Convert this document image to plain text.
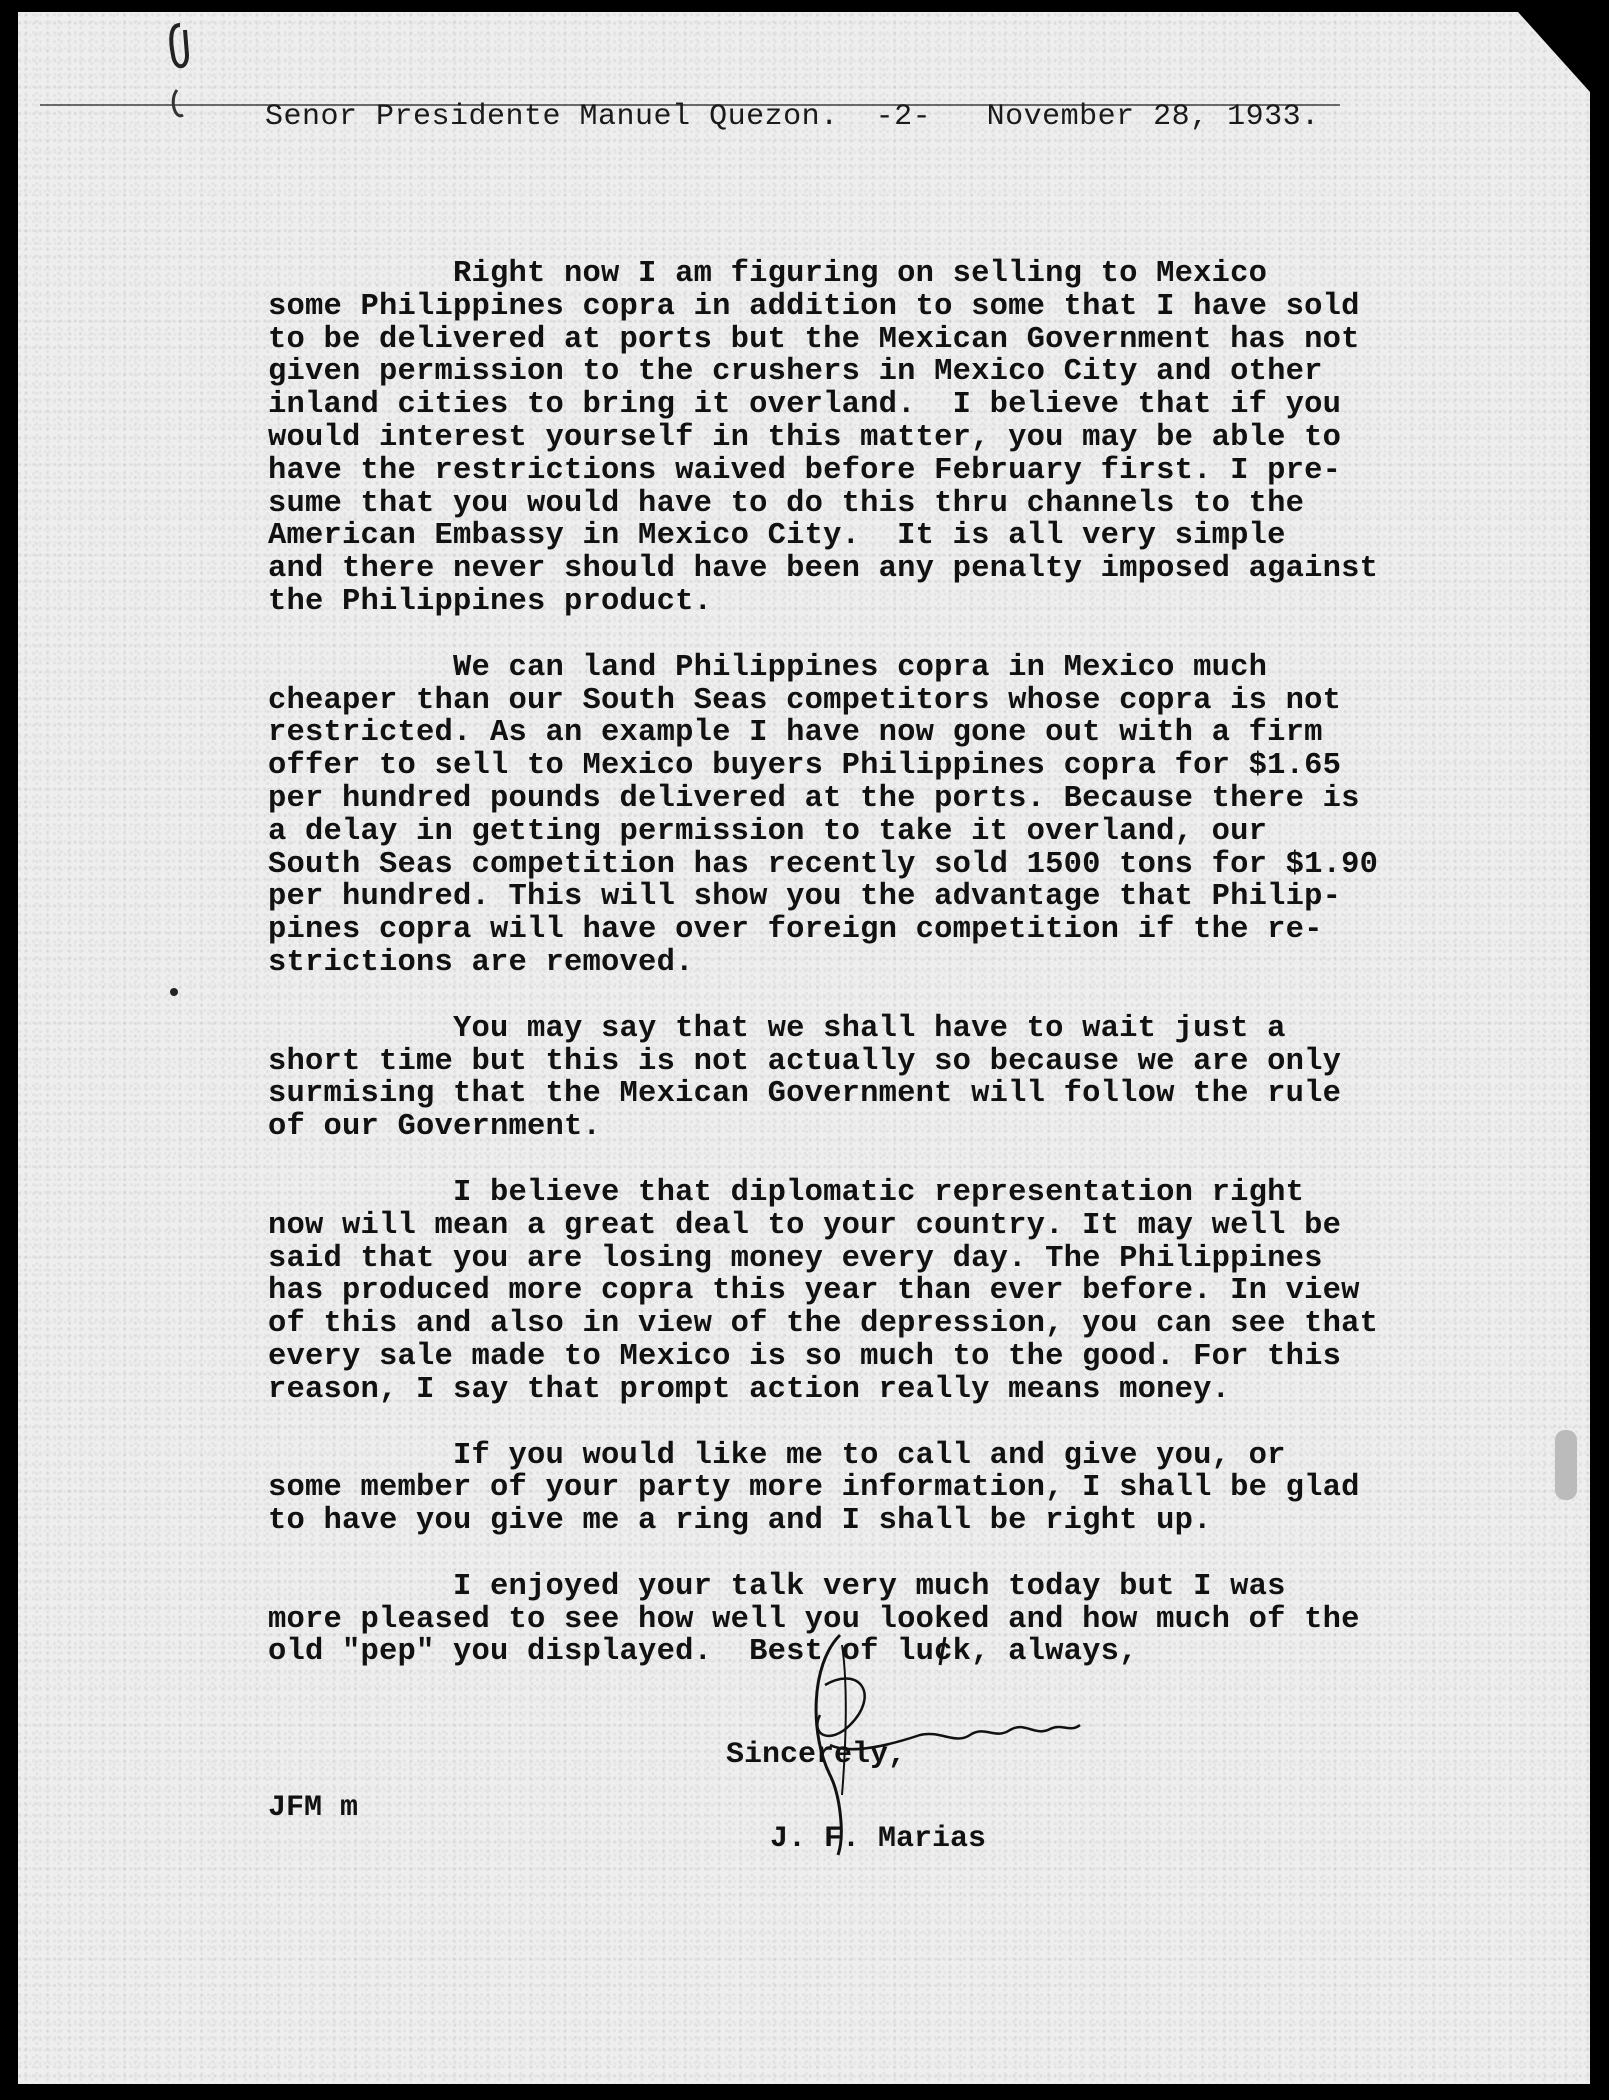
Senor Presidente Manuel Quezon.  -2-   November 28, 1933.

Right now I am figuring on selling to Mexico
some Philippines copra in addition to some that I have sold
to be delivered at ports but the Mexican Government has not
given permission to the crushers in Mexico City and other
inland cities to bring it overland.  I believe that if you
would interest yourself in this matter, you may be able to
have the restrictions waived before February first. I pre-
sume that you would have to do this thru channels to the
American Embassy in Mexico City.  It is all very simple
and there never should have been any penalty imposed against
the Philippines product.

We can land Philippines copra in Mexico much
cheaper than our South Seas competitors whose copra is not
restricted. As an example I have now gone out with a firm
offer to sell to Mexico buyers Philippines copra for $1.65
per hundred pounds delivered at the ports. Because there is
a delay in getting permission to take it overland, our
South Seas competition has recently sold 1500 tons for $1.90
per hundred. This will show you the advantage that Philip-
pines copra will have over foreign competition if the re-
strictions are removed.

You may say that we shall have to wait just a
short time but this is not actually so because we are only
surmising that the Mexican Government will follow the rule
of our Government.

I believe that diplomatic representation right
now will mean a great deal to your country. It may well be
said that you are losing money every day. The Philippines
has produced more copra this year than ever before. In view
of this and also in view of the depression, you can see that
every sale made to Mexico is so much to the good. For this
reason, I say that prompt action really means money.

If you would like me to call and give you, or
some member of your party more information, I shall be glad
to have you give me a ring and I shall be right up.

I enjoyed your talk very much today but I was
more pleased to see how well you looked and how much of the
old "pep" you displayed.  Best of luck, always,

Sincerely,

J. F. Marias

JFM m
